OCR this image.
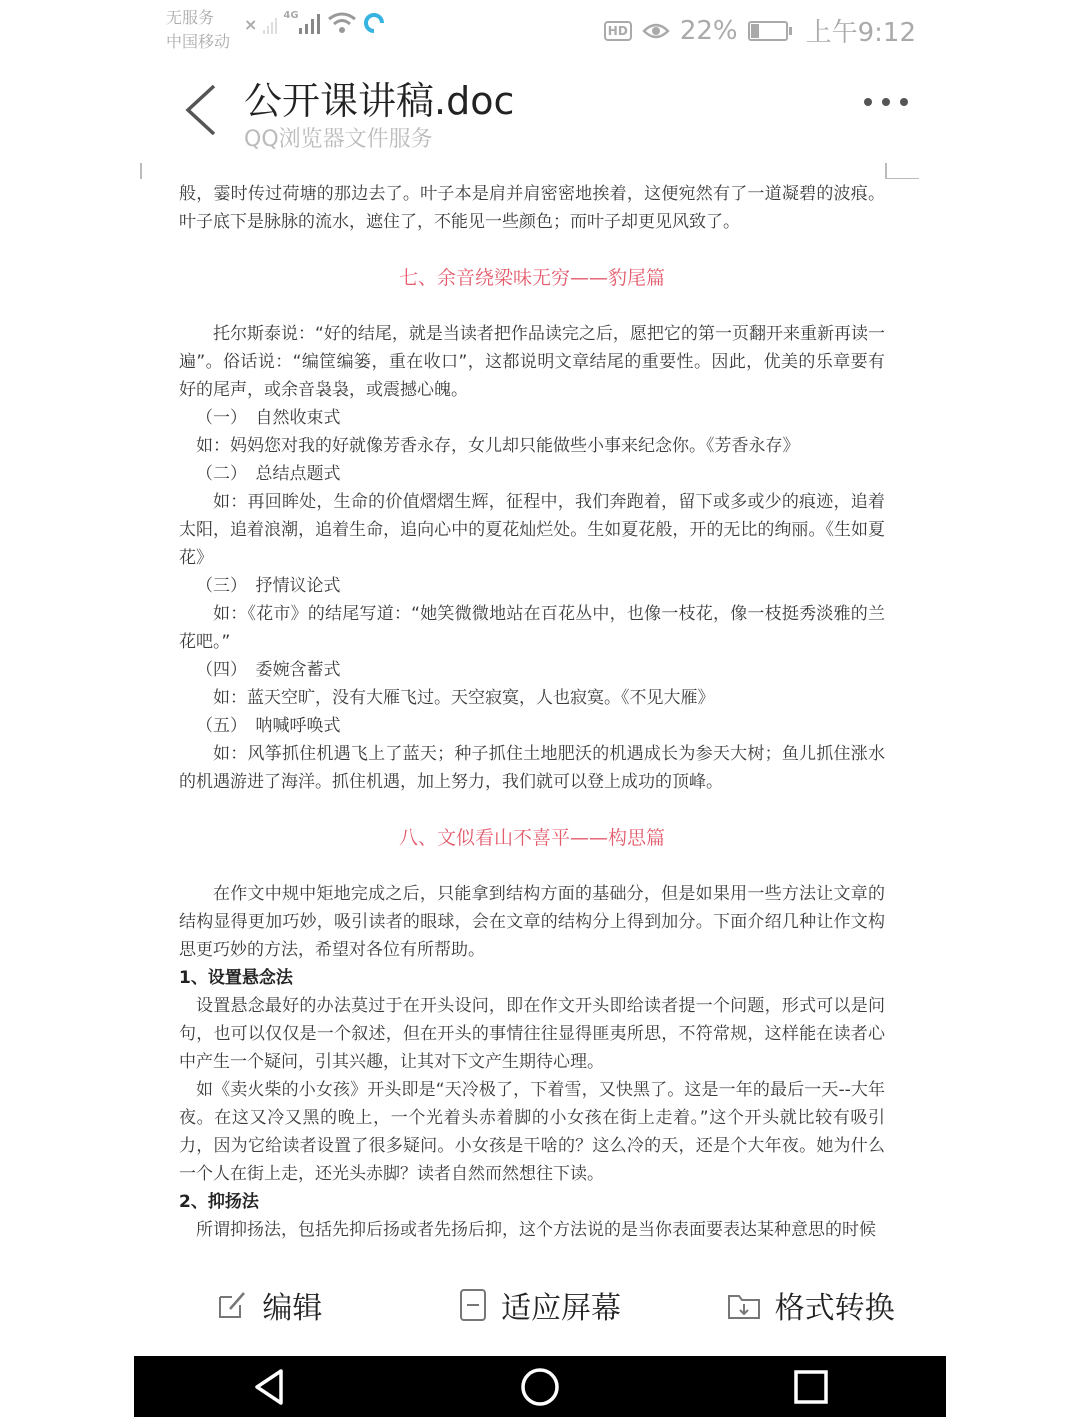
无服务
中国移动
×	4G
HD 22%	上午9:12
公开课讲稿.doc
QQ浏览器文件服务

般，霎时传过荷塘的那边去了。叶子本是肩并肩密密地挨着，这便宛然有了一道凝碧的波痕。叶子底下是脉脉的流水，遮住了，不能见一些颜色；而叶子却更见风致了。

七、余音绕梁味无穷——豹尾篇

托尔斯泰说：“好的结尾，就是当读者把作品读完之后，愿把它的第一页翻开来重新再读一遍”。俗话说：“编筐编篓，重在收口”，这都说明文章结尾的重要性。因此，优美的乐章要有好的尾声，或余音袅袅，或震撼心魄。

（一）　自然收束式

如：妈妈您对我的好就像芳香永存，女儿却只能做些小事来纪念你。《芳香永存》

（二）　总结点题式

如：再回眸处，生命的价值熠熠生辉，征程中，我们奔跑着，留下或多或少的痕迹，追着太阳，追着浪潮，追着生命，追向心中的夏花灿烂处。生如夏花般，开的无比的绚丽。《生如夏花》

（三）　抒情议论式

如：《花市》的结尾写道：“她笑微微地站在百花丛中，也像一枝花，像一枝挺秀淡雅的兰花吧。”

（四）　委婉含蓄式

如：蓝天空旷，没有大雁飞过。天空寂寞，人也寂寞。《不见大雁》

（五）　呐喊呼唤式

如：风筝抓住机遇飞上了蓝天；种子抓住土地肥沃的机遇成长为参天大树；鱼儿抓住涨水的机遇游进了海洋。抓住机遇，加上努力，我们就可以登上成功的顶峰。

八、文似看山不喜平——构思篇

在作文中规中矩地完成之后，只能拿到结构方面的基础分，但是如果用一些方法让文章的结构显得更加巧妙，吸引读者的眼球，会在文章的结构分上得到加分。下面介绍几种让作文构思更巧妙的方法，希望对各位有所帮助。

1、设置悬念法

设置悬念最好的办法莫过于在开头设问，即在作文开头即给读者提一个问题，形式可以是问句，也可以仅仅是一个叙述，但在开头的事情往往显得匪夷所思，不符常规，这样能在读者心中产生一个疑问，引其兴趣，让其对下文产生期待心理。

如《卖火柴的小女孩》开头即是“天冷极了，下着雪，又快黑了。这是一年的最后一天--大年夜。在这又冷又黑的晚上，一个光着头赤着脚的小女孩在街上走着。”这个开头就比较有吸引力，因为它给读者设置了很多疑问。小女孩是干啥的？这么冷的天，还是个大年夜。她为什么一个人在街上走，还光头赤脚？读者自然而然想往下读。

2、抑扬法

所谓抑扬法，包括先抑后扬或者先扬后抑，这个方法说的是当你表面要表达某种意思的时候

编辑	适应屏幕	格式转换
